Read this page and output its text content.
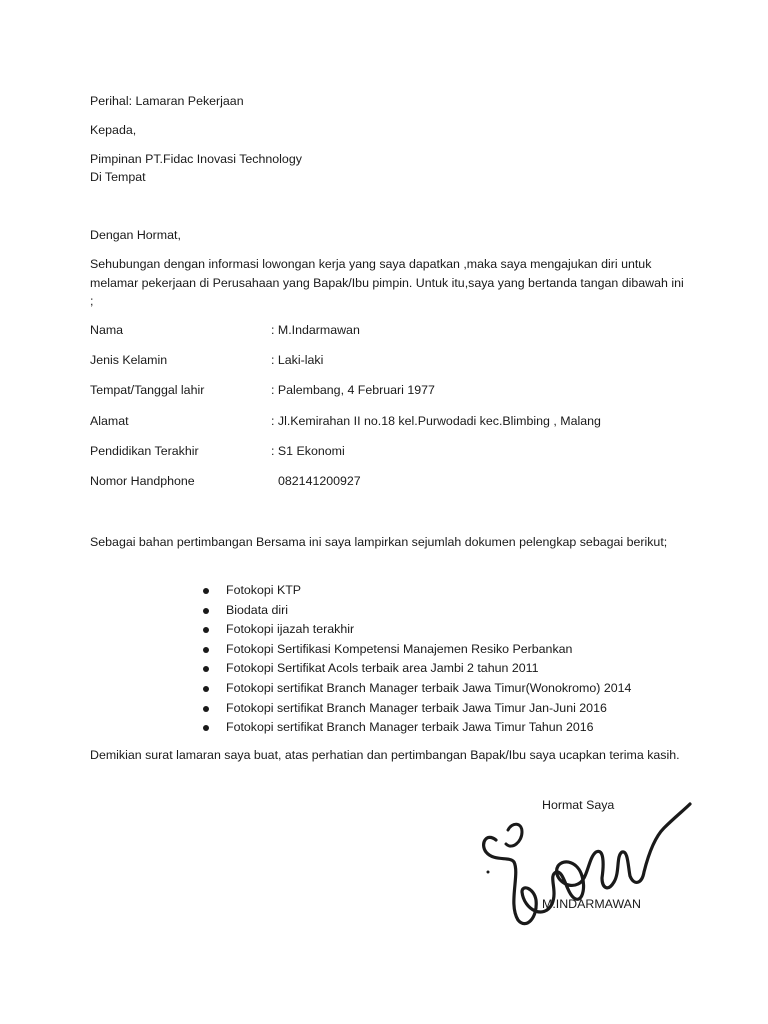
Perihal: Lamaran Pekerjaan
Kepada,
Pimpinan PT.Fidac Inovasi Technology
Di Tempat
Dengan Hormat,
Sehubungan dengan informasi lowongan kerja yang saya dapatkan ,maka saya mengajukan diri untuk melamar pekerjaan di Perusahaan yang Bapak/Ibu pimpin. Untuk itu,saya yang bertanda tangan dibawah ini ;
Nama	: M.Indarmawan
Jenis Kelamin	: Laki-laki
Tempat/Tanggal lahir	: Palembang, 4 Februari 1977
Alamat	: Jl.Kemirahan II no.18 kel.Purwodadi kec.Blimbing , Malang
Pendidikan Terakhir	: S1 Ekonomi
Nomor Handphone	082141200927
Sebagai bahan pertimbangan Bersama ini saya lampirkan sejumlah dokumen pelengkap sebagai berikut;
Fotokopi KTP
Biodata diri
Fotokopi ijazah terakhir
Fotokopi Sertifikasi Kompetensi Manajemen Resiko Perbankan
Fotokopi Sertifikat Acols terbaik area Jambi 2 tahun 2011
Fotokopi sertifikat Branch Manager terbaik Jawa Timur(Wonokromo) 2014
Fotokopi sertifikat Branch Manager terbaik Jawa Timur Jan-Juni 2016
Fotokopi sertifikat Branch Manager terbaik Jawa Timur Tahun 2016
Demikian surat lamaran saya buat, atas perhatian dan pertimbangan Bapak/Ibu saya ucapkan terima kasih.
Hormat Saya
M.INDARMAWAN
